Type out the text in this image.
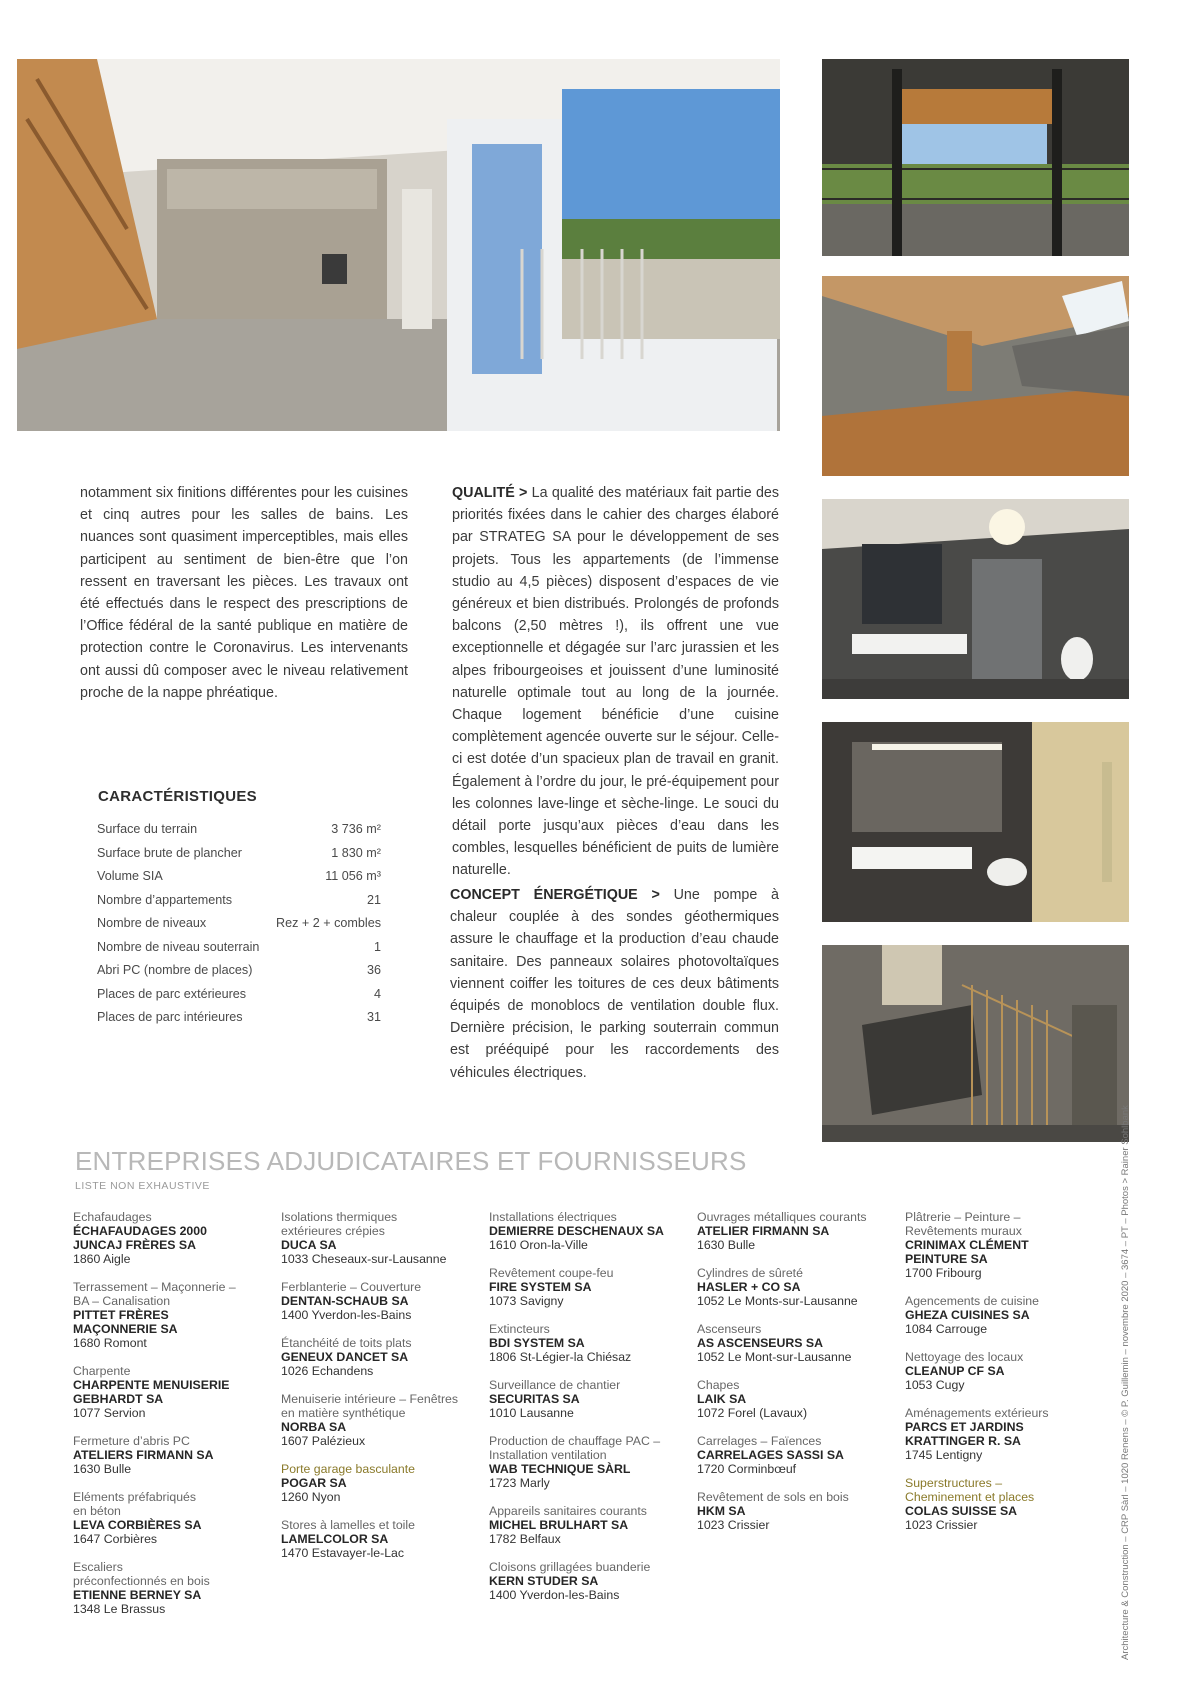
notamment six finitions différentes pour les cuisines et cinq autres pour les salles de bains. Les nuances sont quasiment imperceptibles, mais elles participent au sentiment de bien-être que l’on ressent en traversant les pièces. Les travaux ont été effectués dans le respect des prescriptions de l’Office fédéral de la santé publique en matière de protection contre le Coronavirus. Les intervenants ont aussi dû composer avec le niveau relativement proche de la nappe phréatique.
CARACTÉRISTIQUES
Surface du terrain	3 736 m²
Surface brute de plancher	1 830 m²
Volume SIA	11 056 m³
Nombre d’appartements	21
Nombre de niveaux	Rez + 2 + combles
Nombre de niveau souterrain	1
Abri PC (nombre de places)	36
Places de parc extérieures	4
Places de parc intérieures	31
QUALITÉ > La qualité des matériaux fait partie des priorités fixées dans le cahier des charges élaboré par STRATEG SA pour le développement de ses projets. Tous les appartements (de l’immense studio au 4,5 pièces) disposent d’espaces de vie généreux et bien distribués. Prolongés de profonds balcons (2,50 mètres !), ils offrent une vue exceptionnelle et dégagée sur l’arc jurassien et les alpes fribourgeoises et jouissent d’une luminosité naturelle optimale tout au long de la journée. Chaque logement bénéficie d’une cuisine complètement agencée ouverte sur le séjour. Celle-ci est dotée d’un spacieux plan de travail en granit. Également à l’ordre du jour, le pré-équipement pour les colonnes lave-linge et sèche-linge. Le souci du détail porte jusqu’aux pièces d’eau dans les combles, lesquelles bénéficient de puits de lumière naturelle.
CONCEPT ÉNERGÉTIQUE > Une pompe à chaleur couplée à des sondes géothermiques assure le chauffage et la production d’eau chaude sanitaire. Des panneaux solaires photovoltaïques viennent coiffer les toitures de ces deux bâtiments équipés de monoblocs de ventilation double flux. Dernière précision, le parking souterrain commun est prééquipé pour les raccordements des véhicules électriques.
ENTREPRISES ADJUDICATAIRES ET FOURNISSEURS
LISTE NON EXHAUSTIVE
Echafaudages
ÉCHAFAUDAGES 2000
JUNCAJ FRÈRES SA
1860 Aigle
Terrassement – Maçonnerie –
BA – Canalisation
PITTET FRÈRES
MAÇONNERIE SA
1680 Romont
Charpente
CHARPENTE MENUISERIE
GEBHARDT SA
1077 Servion
Fermeture d’abris PC
ATELIERS FIRMANN SA
1630 Bulle
Eléments préfabriqués
en béton
LEVA CORBIÈRES SA
1647 Corbières
Escaliers
préconfectionnés en bois
ETIENNE BERNEY SA
1348 Le Brassus
Isolations thermiques
extérieures crépies
DUCA SA
1033 Cheseaux-sur-Lausanne
Ferblanterie – Couverture
DENTAN-SCHAUB SA
1400 Yverdon-les-Bains
Étanchéité de toits plats
GENEUX DANCET SA
1026 Echandens
Menuiserie intérieure – Fenêtres
en matière synthétique
NORBA SA
1607 Palézieux
Porte garage basculante
POGAR SA
1260 Nyon
Stores à lamelles et toile
LAMELCOLOR SA
1470 Estavayer-le-Lac
Installations électriques
DEMIERRE DESCHENAUX SA
1610 Oron-la-Ville
Revêtement coupe-feu
FIRE SYSTEM SA
1073 Savigny
Extincteurs
BDI SYSTEM SA
1806 St-Légier-la Chiésaz
Surveillance de chantier
SECURITAS SA
1010 Lausanne
Production de chauffage PAC –
Installation ventilation
WAB TECHNIQUE SÀRL
1723 Marly
Appareils sanitaires courants
MICHEL BRULHART SA
1782 Belfaux
Cloisons grillagées buanderie
KERN STUDER SA
1400 Yverdon-les-Bains
Ouvrages métalliques courants
ATELIER FIRMANN SA
1630 Bulle
Cylindres de sûreté
HASLER + CO SA
1052 Le Monts-sur-Lausanne
Ascenseurs
AS ASCENSEURS SA
1052 Le Mont-sur-Lausanne
Chapes
LAIK SA
1072 Forel (Lavaux)
Carrelages – Faïences
CARRELAGES SASSI SA
1720 Corminbœuf
Revêtement de sols en bois
HKM SA
1023 Crissier
Plâtrerie – Peinture –
Revêtements muraux
CRINIMAX CLÉMENT
PEINTURE SA
1700 Fribourg
Agencements de cuisine
GHEZA CUISINES SA
1084 Carrouge
Nettoyage des locaux
CLEANUP CF SA
1053 Cugy
Aménagements extérieurs
PARCS ET JARDINS
KRATTINGER R. SA
1745 Lentigny
Superstructures –
Cheminement et places
COLAS SUISSE SA
1023 Crissier	Architecture & Construction – CRP Sàrl – 1020 Renens – © P. Guillemin – novembre 2020 – 3674 – PT – Photos > Rainer Sohlbank
